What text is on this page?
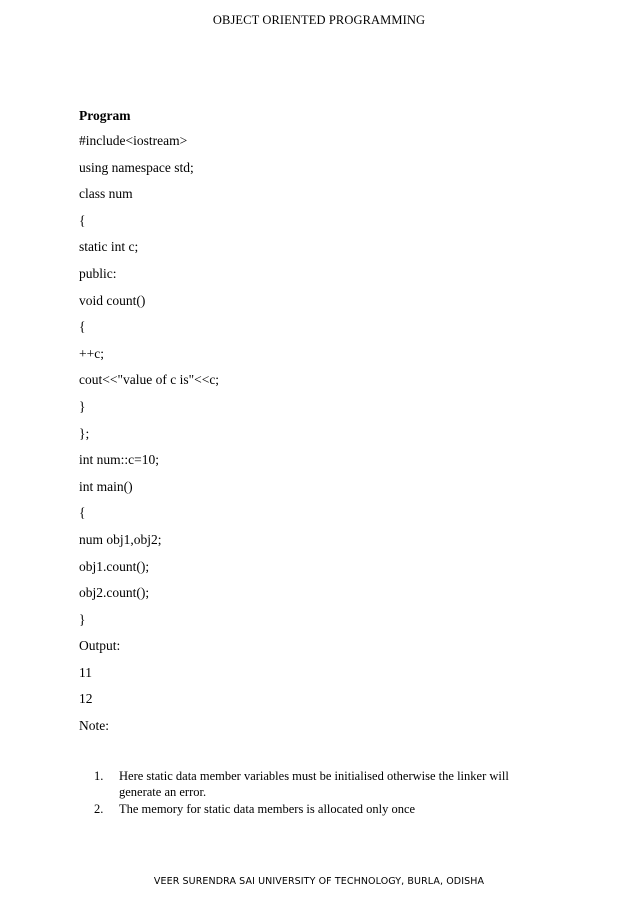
OBJECT ORIENTED PROGRAMMING

Program

#include<iostream>

using namespace std;

class num

{

static int c;

public:

void count()

{

++c;

cout<<"value of c is"<<c;

}

};

int num::c=10;

int main()

{

num obj1,obj2;

obj1.count();

obj2.count();

}

Output:

11

12

Note:

1. Here static data member variables must be initialised otherwise the linker will generate an error.
2. The memory for static data members is allocated only once
VEER SURENDRA SAI UNIVERSITY OF TECHNOLOGY, BURLA, ODISHA
